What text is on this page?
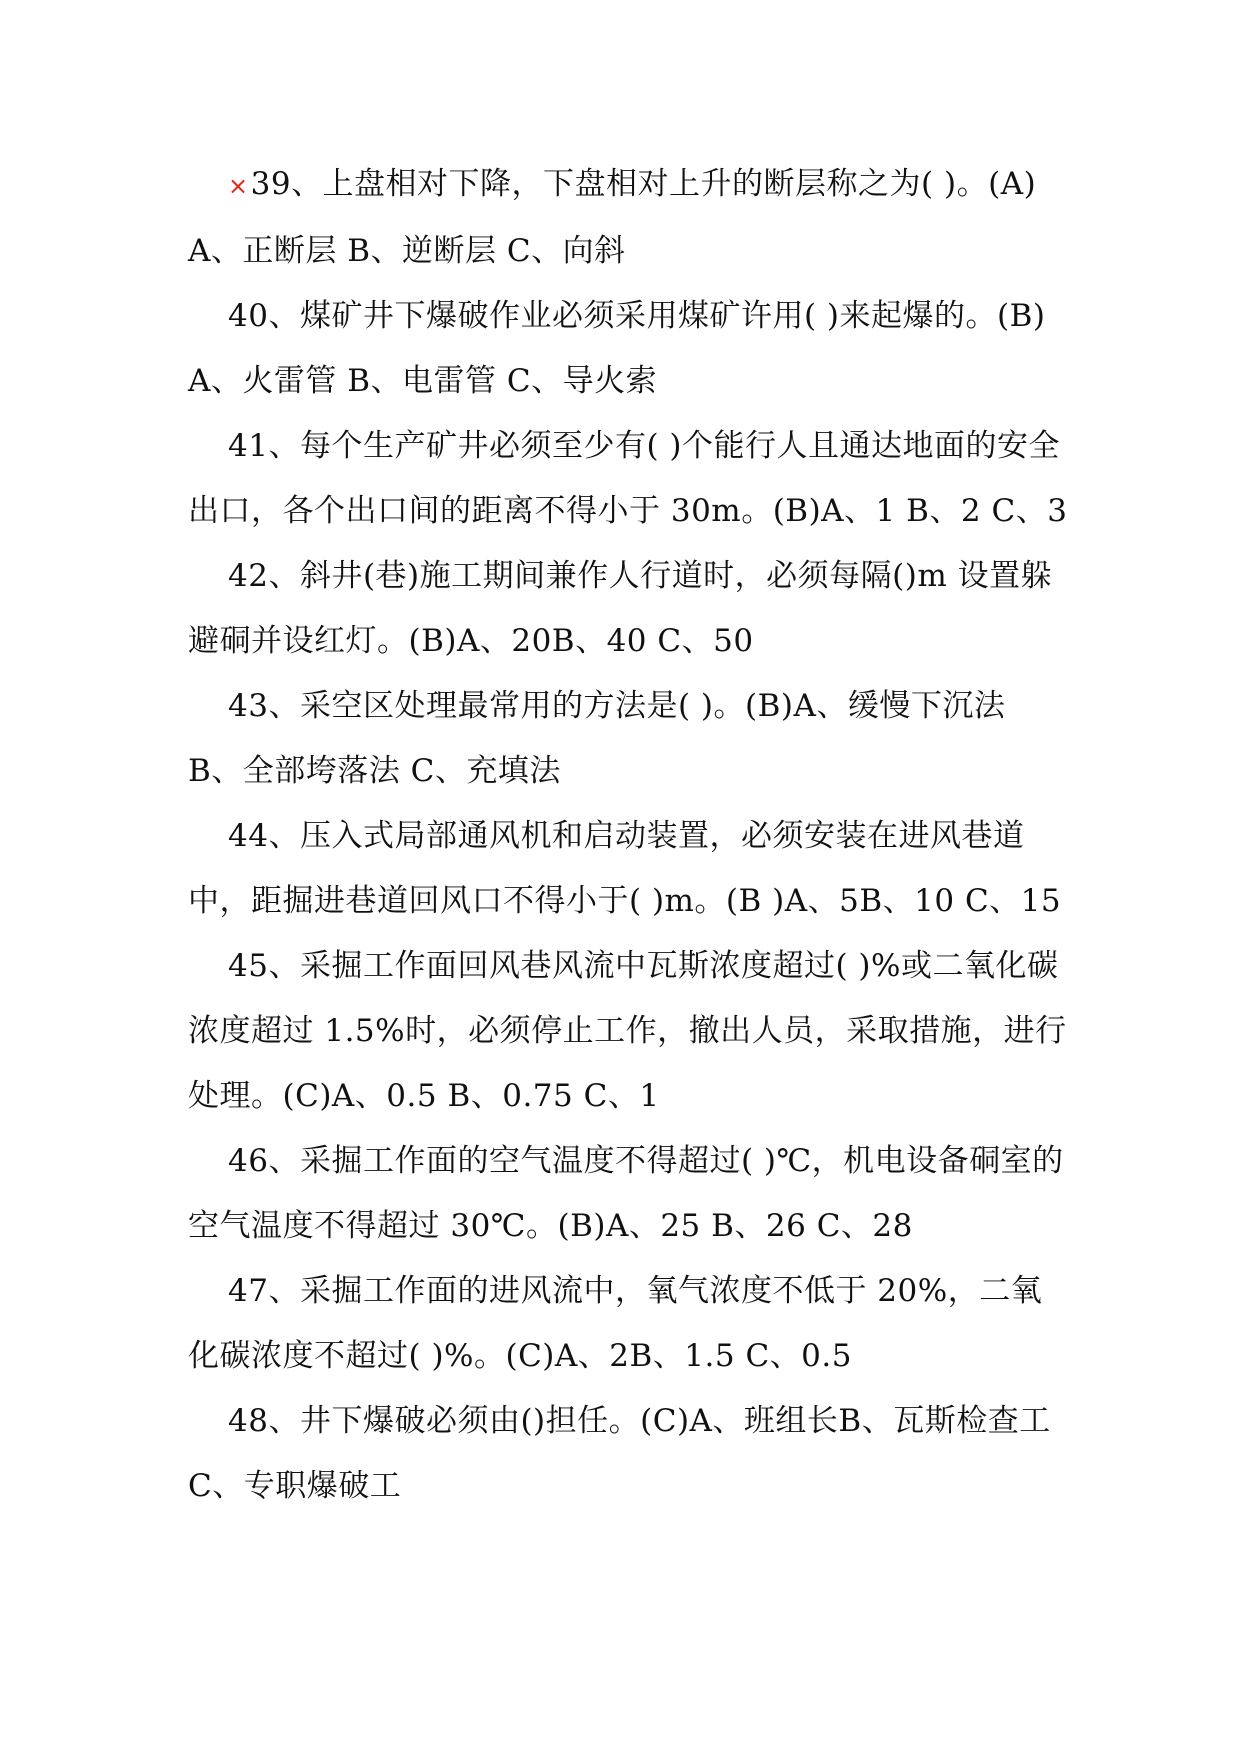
×39、上盘相对下降，下盘相对上升的断层称之为( )。(A)A、正断层 B、逆断层 C、向斜

40、煤矿井下爆破作业必须采用煤矿许用( )来起爆的。(B)A、火雷管 B、电雷管 C、导火索

41、每个生产矿井必须至少有( )个能行人且通达地面的安全出口，各个出口间的距离不得小于 30m。(B)A、1 B、2 C、3

42、斜井(巷)施工期间兼作人行道时，必须每隔()m 设置躲避硐并设红灯。(B)A、20B、40 C、50

43、采空区处理最常用的方法是( )。(B)A、缓慢下沉法 B、全部垮落法 C、充填法

44、压入式局部通风机和启动装置，必须安装在进风巷道中，距掘进巷道回风口不得小于( )m。(B )A、5B、10 C、15

45、采掘工作面回风巷风流中瓦斯浓度超过( )%或二氧化碳浓度超过 1.5%时，必须停止工作，撤出人员，采取措施，进行处理。(C)A、0.5 B、0.75 C、1

46、采掘工作面的空气温度不得超过( )℃，机电设备硐室的空气温度不得超过 30℃。(B)A、25 B、26 C、28

47、采掘工作面的进风流中，氧气浓度不低于 20%，二氧化碳浓度不超过( )%。(C)A、2B、1.5 C、0.5

48、井下爆破必须由()担任。(C)A、班组长B、瓦斯检查工 C、专职爆破工
